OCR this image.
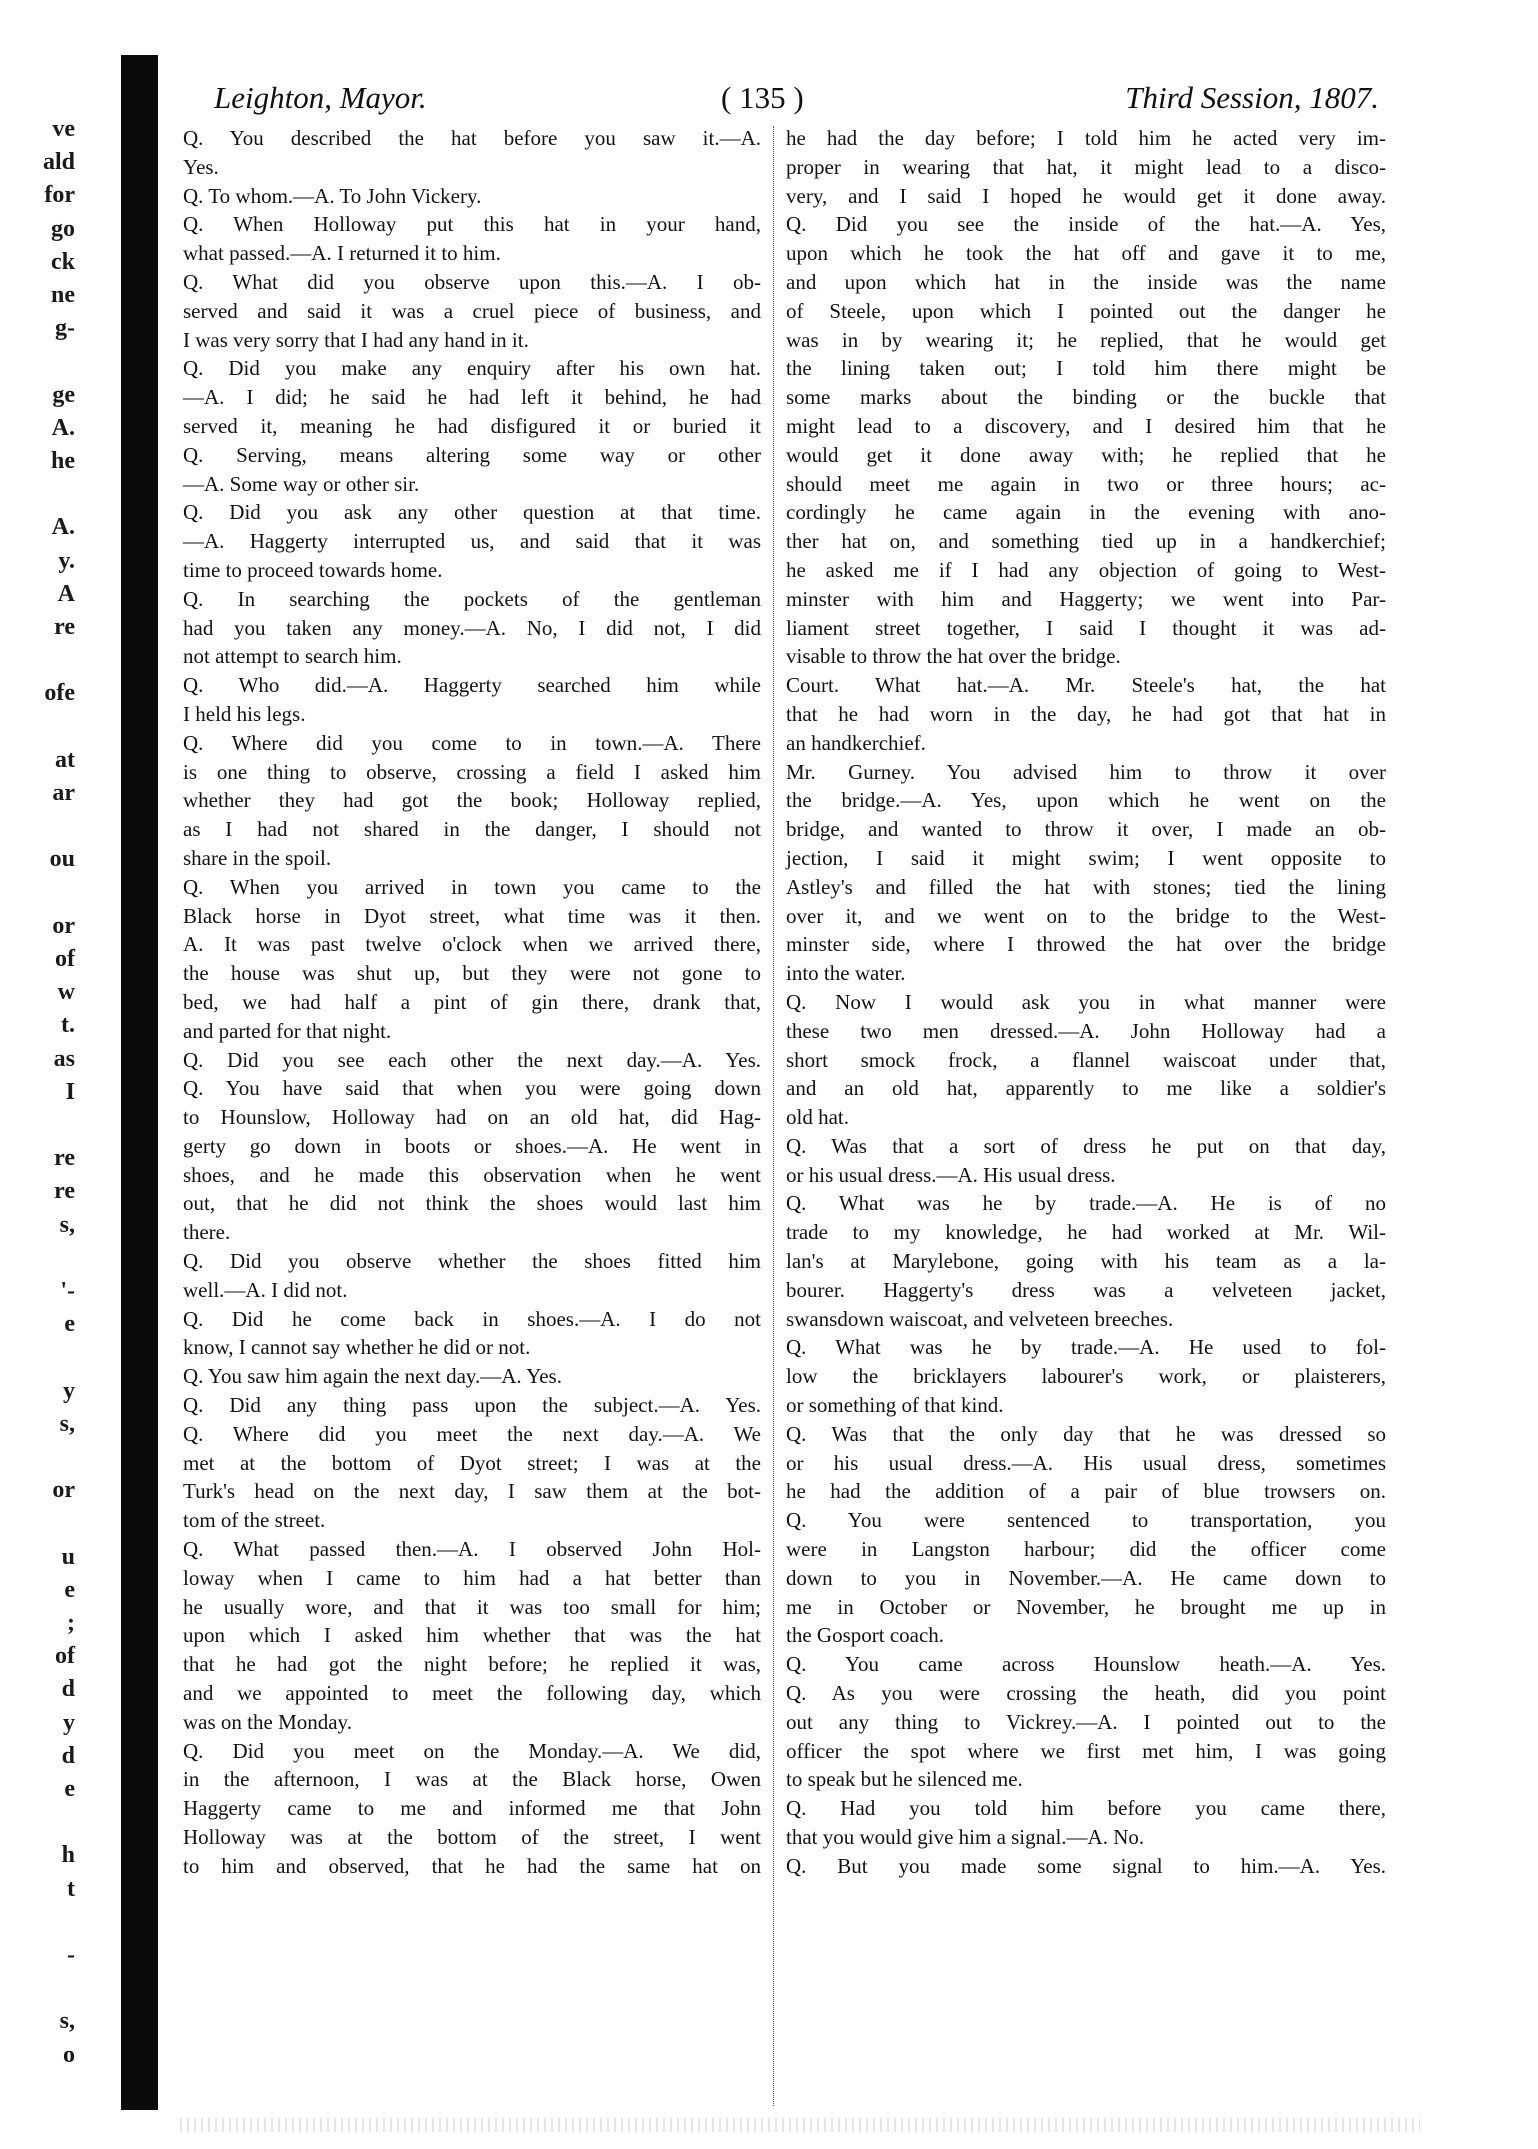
ve
ald
for
go
ck
ne
g-
ge
A.
he
A.
y.
A
re
ofe
at
ar
ou
or
of
w
t.
as
I
re
re
s,
'-
e
y
s,
or
u
e
;
of
d
y
d
e
h
t
-
s,
o
Leighton, Mayor.	( 135 )	Third Session, 1807.
Q. You described the hat before you saw it.—A.
Yes.
Q. To whom.—A. To John Vickery.
Q. When Holloway put this hat in your hand,
what passed.—A. I returned it to him.
Q. What did you observe upon this.—A. I ob-
served and said it was a cruel piece of business, and
I was very sorry that I had any hand in it.
Q. Did you make any enquiry after his own hat.
—A. I did; he said he had left it behind, he had
served it, meaning he had disfigured it or buried it
Q. Serving, means altering some way or other
—A. Some way or other sir.
Q. Did you ask any other question at that time.
—A. Haggerty interrupted us, and said that it was
time to proceed towards home.
Q. In searching the pockets of the gentleman
had you taken any money.—A. No, I did not, I did
not attempt to search him.
Q. Who did.—A. Haggerty searched him while
I held his legs.
Q. Where did you come to in town.—A. There
is one thing to observe, crossing a field I asked him
whether they had got the book; Holloway replied,
as I had not shared in the danger, I should not
share in the spoil.
Q. When you arrived in town you came to the
Black horse in Dyot street, what time was it then.
A. It was past twelve o'clock when we arrived there,
the house was shut up, but they were not gone to
bed, we had half a pint of gin there, drank that,
and parted for that night.
Q. Did you see each other the next day.—A. Yes.
Q. You have said that when you were going down
to Hounslow, Holloway had on an old hat, did Hag-
gerty go down in boots or shoes.—A. He went in
shoes, and he made this observation when he went
out, that he did not think the shoes would last him
there.
Q. Did you observe whether the shoes fitted him
well.—A. I did not.
Q. Did he come back in shoes.—A. I do not
know, I cannot say whether he did or not.
Q. You saw him again the next day.—A. Yes.
Q. Did any thing pass upon the subject.—A. Yes.
Q. Where did you meet the next day.—A. We
met at the bottom of Dyot street; I was at the
Turk's head on the next day, I saw them at the bot-
tom of the street.
Q. What passed then.—A. I observed John Hol-
loway when I came to him had a hat better than
he usually wore, and that it was too small for him;
upon which I asked him whether that was the hat
that he had got the night before; he replied it was,
and we appointed to meet the following day, which
was on the Monday.
Q. Did you meet on the Monday.—A. We did,
in the afternoon, I was at the Black horse, Owen
Haggerty came to me and informed me that John
Holloway was at the bottom of the street, I went
to him and observed, that he had the same hat on
he had the day before; I told him he acted very im-
proper in wearing that hat, it might lead to a disco-
very, and I said I hoped he would get it done away.
Q. Did you see the inside of the hat.—A. Yes,
upon which he took the hat off and gave it to me,
and upon which hat in the inside was the name
of Steele, upon which I pointed out the danger he
was in by wearing it; he replied, that he would get
the lining taken out; I told him there might be
some marks about the binding or the buckle that
might lead to a discovery, and I desired him that he
would get it done away with; he replied that he
should meet me again in two or three hours; ac-
cordingly he came again in the evening with ano-
ther hat on, and something tied up in a handkerchief;
he asked me if I had any objection of going to West-
minster with him and Haggerty; we went into Par-
liament street together, I said I thought it was ad-
visable to throw the hat over the bridge.
Court. What hat.—A. Mr. Steele's hat, the hat
that he had worn in the day, he had got that hat in
an handkerchief.
Mr. Gurney. You advised him to throw it over
the bridge.—A. Yes, upon which he went on the
bridge, and wanted to throw it over, I made an ob-
jection, I said it might swim; I went opposite to
Astley's and filled the hat with stones; tied the lining
over it, and we went on to the bridge to the West-
minster side, where I throwed the hat over the bridge
into the water.
Q. Now I would ask you in what manner were
these two men dressed.—A. John Holloway had a
short smock frock, a flannel waiscoat under that,
and an old hat, apparently to me like a soldier's
old hat.
Q. Was that a sort of dress he put on that day,
or his usual dress.—A. His usual dress.
Q. What was he by trade.—A. He is of no
trade to my knowledge, he had worked at Mr. Wil-
lan's at Marylebone, going with his team as a la-
bourer. Haggerty's dress was a velveteen jacket,
swansdown waiscoat, and velveteen breeches.
Q. What was he by trade.—A. He used to fol-
low the bricklayers labourer's work, or plaisterers,
or something of that kind.
Q. Was that the only day that he was dressed so
or his usual dress.—A. His usual dress, sometimes
he had the addition of a pair of blue trowsers on.
Q. You were sentenced to transportation, you
were in Langston harbour; did the officer come
down to you in November.—A. He came down to
me in October or November, he brought me up in
the Gosport coach.
Q. You came across Hounslow heath.—A. Yes.
Q. As you were crossing the heath, did you point
out any thing to Vickrey.—A. I pointed out to the
officer the spot where we first met him, I was going
to speak but he silenced me.
Q. Had you told him before you came there,
that you would give him a signal.—A. No.
Q. But you made some signal to him.—A. Yes.
